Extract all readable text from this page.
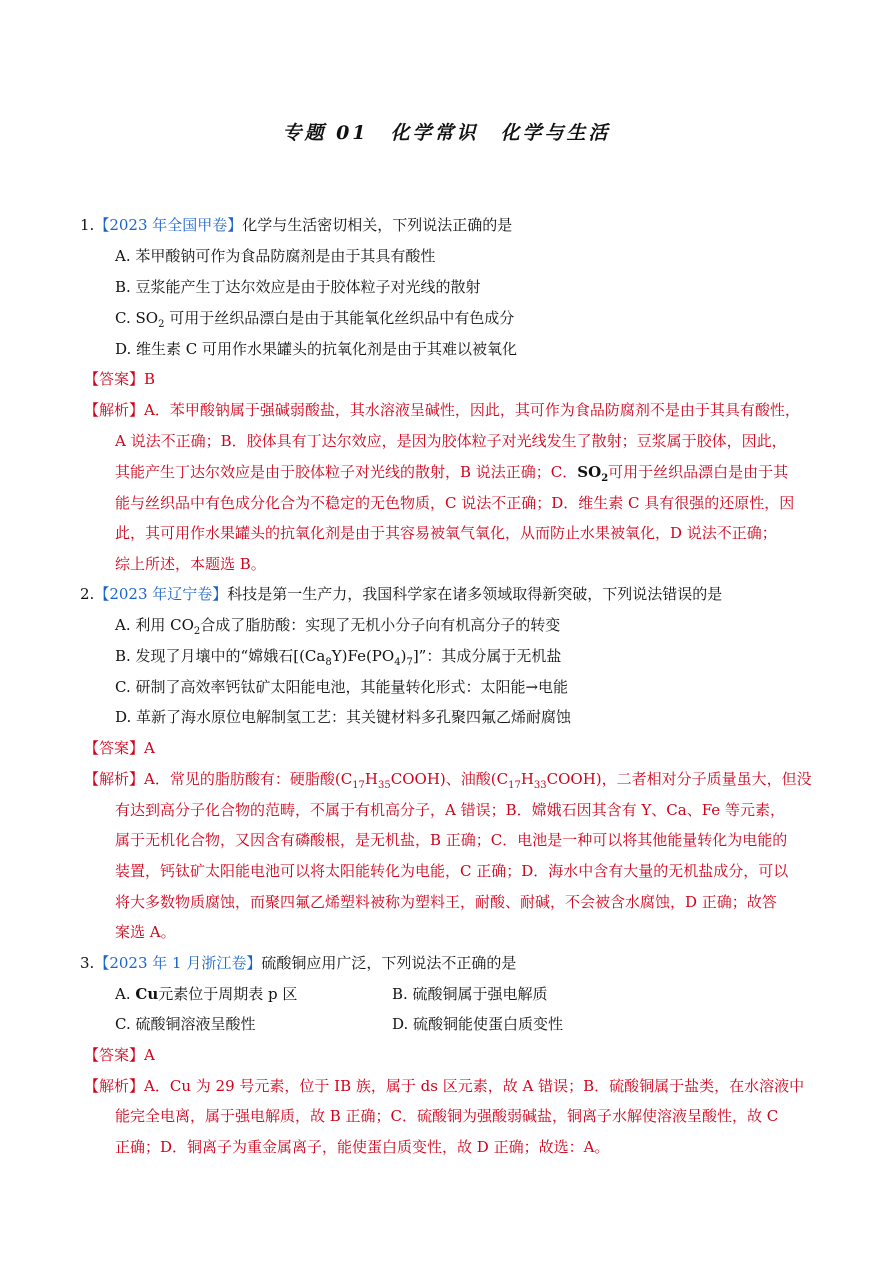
专题 01　化学常识　化学与生活
1.【2023 年全国甲卷】化学与生活密切相关，下列说法正确的是
A. 苯甲酸钠可作为食品防腐剂是由于其具有酸性
B. 豆浆能产生丁达尔效应是由于胶体粒子对光线的散射
C. $SO_2$ 可用于丝织品漂白是由于其能氧化丝织品中有色成分
D. 维生素 C 可用作水果罐头的抗氧化剂是由于其难以被氧化
【答案】B
【解析】A．苯甲酸钠属于强碱弱酸盐，其水溶液呈碱性，因此，其可作为食品防腐剂不是由于其具有酸性，
A 说法不正确；B．胶体具有丁达尔效应，是因为胶体粒子对光线发生了散射；豆浆属于胶体，因此，
其能产生丁达尔效应是由于胶体粒子对光线的散射，B 说法正确；C．$SO_2$可用于丝织品漂白是由于其
能与丝织品中有色成分化合为不稳定的无色物质，C 说法不正确；D．维生素 C 具有很强的还原性，因
此，其可用作水果罐头的抗氧化剂是由于其容易被氧气氧化，从而防止水果被氧化，D 说法不正确；
综上所述，本题选 B。
2.【2023 年辽宁卷】科技是第一生产力，我国科学家在诸多领域取得新突破，下列说法错误的是
A. 利用 $CO_2$合成了脂肪酸：实现了无机小分子向有机高分子的转变
B. 发现了月壤中的“嫦娥石$[(Ca_8Y)Fe(PO_4)_7]$”：其成分属于无机盐
C. 研制了高效率钙钛矿太阳能电池，其能量转化形式：太阳能→电能
D. 革新了海水原位电解制氢工艺：其关键材料多孔聚四氟乙烯耐腐蚀
【答案】A
【解析】A．常见的脂肪酸有：硬脂酸$(C_{17}H_{35}COOH)$、油酸$(C_{17}H_{33}COOH)$，二者相对分子质量虽大，但没
有达到高分子化合物的范畴，不属于有机高分子，A 错误；B．嫦娥石因其含有 Y、Ca、Fe 等元素，
属于无机化合物，又因含有磷酸根，是无机盐，B 正确；C．电池是一种可以将其他能量转化为电能的
装置，钙钛矿太阳能电池可以将太阳能转化为电能，C 正确；D．海水中含有大量的无机盐成分，可以
将大多数物质腐蚀，而聚四氟乙烯塑料被称为塑料王，耐酸、耐碱，不会被含水腐蚀，D 正确；故答
案选 A。
3.【2023 年 1 月浙江卷】硫酸铜应用广泛，下列说法不正确的是
A. Cu元素位于周期表 p 区	B. 硫酸铜属于强电解质
C. 硫酸铜溶液呈酸性	D. 硫酸铜能使蛋白质变性
【答案】A
【解析】A．Cu 为 29 号元素，位于 IB 族，属于 ds 区元素，故 A 错误；B．硫酸铜属于盐类，在水溶液中
能完全电离，属于强电解质，故 B 正确；C．硫酸铜为强酸弱碱盐，铜离子水解使溶液呈酸性，故 C
正确；D．铜离子为重金属离子，能使蛋白质变性，故 D 正确；故选：A。
